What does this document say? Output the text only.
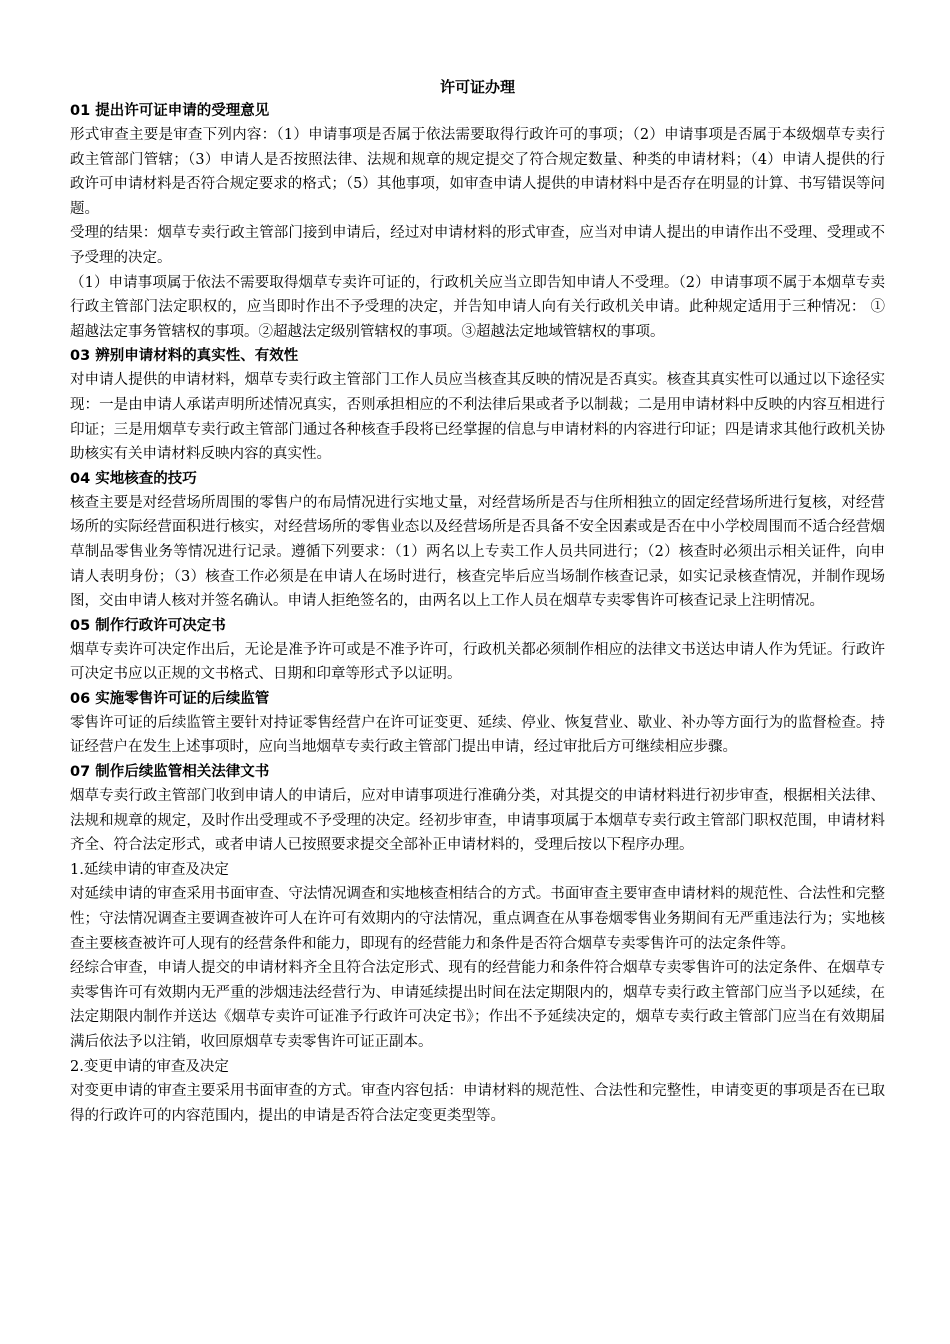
许可证办理

01 提出许可证申请的受理意见

形式审查主要是审查下列内容：（1）申请事项是否属于依法需要取得行政许可的事项；（2）申请事项是否属于本级烟草专卖行政主管部门管辖；（3）申请人是否按照法律、法规和规章的规定提交了符合规定数量、种类的申请材料；（4）申请人提供的行政许可申请材料是否符合规定要求的格式；（5）其他事项，如审查申请人提供的申请材料中是否存在明显的计算、书写错误等问题。

受理的结果：烟草专卖行政主管部门接到申请后，经过对申请材料的形式审查，应当对申请人提出的申请作出不受理、受理或不予受理的决定。

（1）申请事项属于依法不需要取得烟草专卖许可证的，行政机关应当立即告知申请人不受理。（2）申请事项不属于本烟草专卖行政主管部门法定职权的，应当即时作出不予受理的决定，并告知申请人向有关行政机关申请。此种规定适用于三种情况： ①超越法定事务管辖权的事项。②超越法定级别管辖权的事项。③超越法定地域管辖权的事项。

03 辨别申请材料的真实性、有效性

对申请人提供的申请材料，烟草专卖行政主管部门工作人员应当核查其反映的情况是否真实。核查其真实性可以通过以下途径实现：一是由申请人承诺声明所述情况真实，否则承担相应的不利法律后果或者予以制裁；二是用申请材料中反映的内容互相进行印证；三是用烟草专卖行政主管部门通过各种核查手段将已经掌握的信息与申请材料的内容进行印证；四是请求其他行政机关协助核实有关申请材料反映内容的真实性。

04 实地核查的技巧

核查主要是对经营场所周围的零售户的布局情况进行实地丈量，对经营场所是否与住所相独立的固定经营场所进行复核，对经营场所的实际经营面积进行核实，对经营场所的零售业态以及经营场所是否具备不安全因素或是否在中小学校周围而不适合经营烟草制品零售业务等情况进行记录。遵循下列要求：（1）两名以上专卖工作人员共同进行；（2）核查时必须出示相关证件，向申请人表明身份；（3）核查工作必须是在申请人在场时进行，核查完毕后应当场制作核查记录，如实记录核查情况，并制作现场图，交由申请人核对并签名确认。申请人拒绝签名的，由两名以上工作人员在烟草专卖零售许可核查记录上注明情况。

05 制作行政许可决定书

烟草专卖许可决定作出后，无论是准予许可或是不准予许可，行政机关都必须制作相应的法律文书送达申请人作为凭证。行政许可决定书应以正规的文书格式、日期和印章等形式予以证明。

06 实施零售许可证的后续监管

零售许可证的后续监管主要针对持证零售经营户在许可证变更、延续、停业、恢复营业、歇业、补办等方面行为的监督检查。持证经营户在发生上述事项时，应向当地烟草专卖行政主管部门提出申请，经过审批后方可继续相应步骤。

07 制作后续监管相关法律文书

烟草专卖行政主管部门收到申请人的申请后，应对申请事项进行准确分类，对其提交的申请材料进行初步审查，根据相关法律、法规和规章的规定，及时作出受理或不予受理的决定。经初步审查，申请事项属于本烟草专卖行政主管部门职权范围，申请材料齐全、符合法定形式，或者申请人已按照要求提交全部补正申请材料的，受理后按以下程序办理。

1.延续申请的审查及决定

对延续申请的审查采用书面审查、守法情况调查和实地核查相结合的方式。书面审查主要审查申请材料的规范性、合法性和完整性；守法情况调查主要调查被许可人在许可有效期内的守法情况，重点调查在从事卷烟零售业务期间有无严重违法行为；实地核查主要核查被许可人现有的经营条件和能力，即现有的经营能力和条件是否符合烟草专卖零售许可的法定条件等。

经综合审查，申请人提交的申请材料齐全且符合法定形式、现有的经营能力和条件符合烟草专卖零售许可的法定条件、在烟草专卖零售许可有效期内无严重的涉烟违法经营行为、申请延续提出时间在法定期限内的，烟草专卖行政主管部门应当予以延续，在法定期限内制作并送达《烟草专卖许可证准予行政许可决定书》；作出不予延续决定的，烟草专卖行政主管部门应当在有效期届满后依法予以注销，收回原烟草专卖零售许可证正副本。

2.变更申请的审查及决定

对变更申请的审查主要采用书面审查的方式。审查内容包括：申请材料的规范性、合法性和完整性，申请变更的事项是否在已取得的行政许可的内容范围内，提出的申请是否符合法定变更类型等。
